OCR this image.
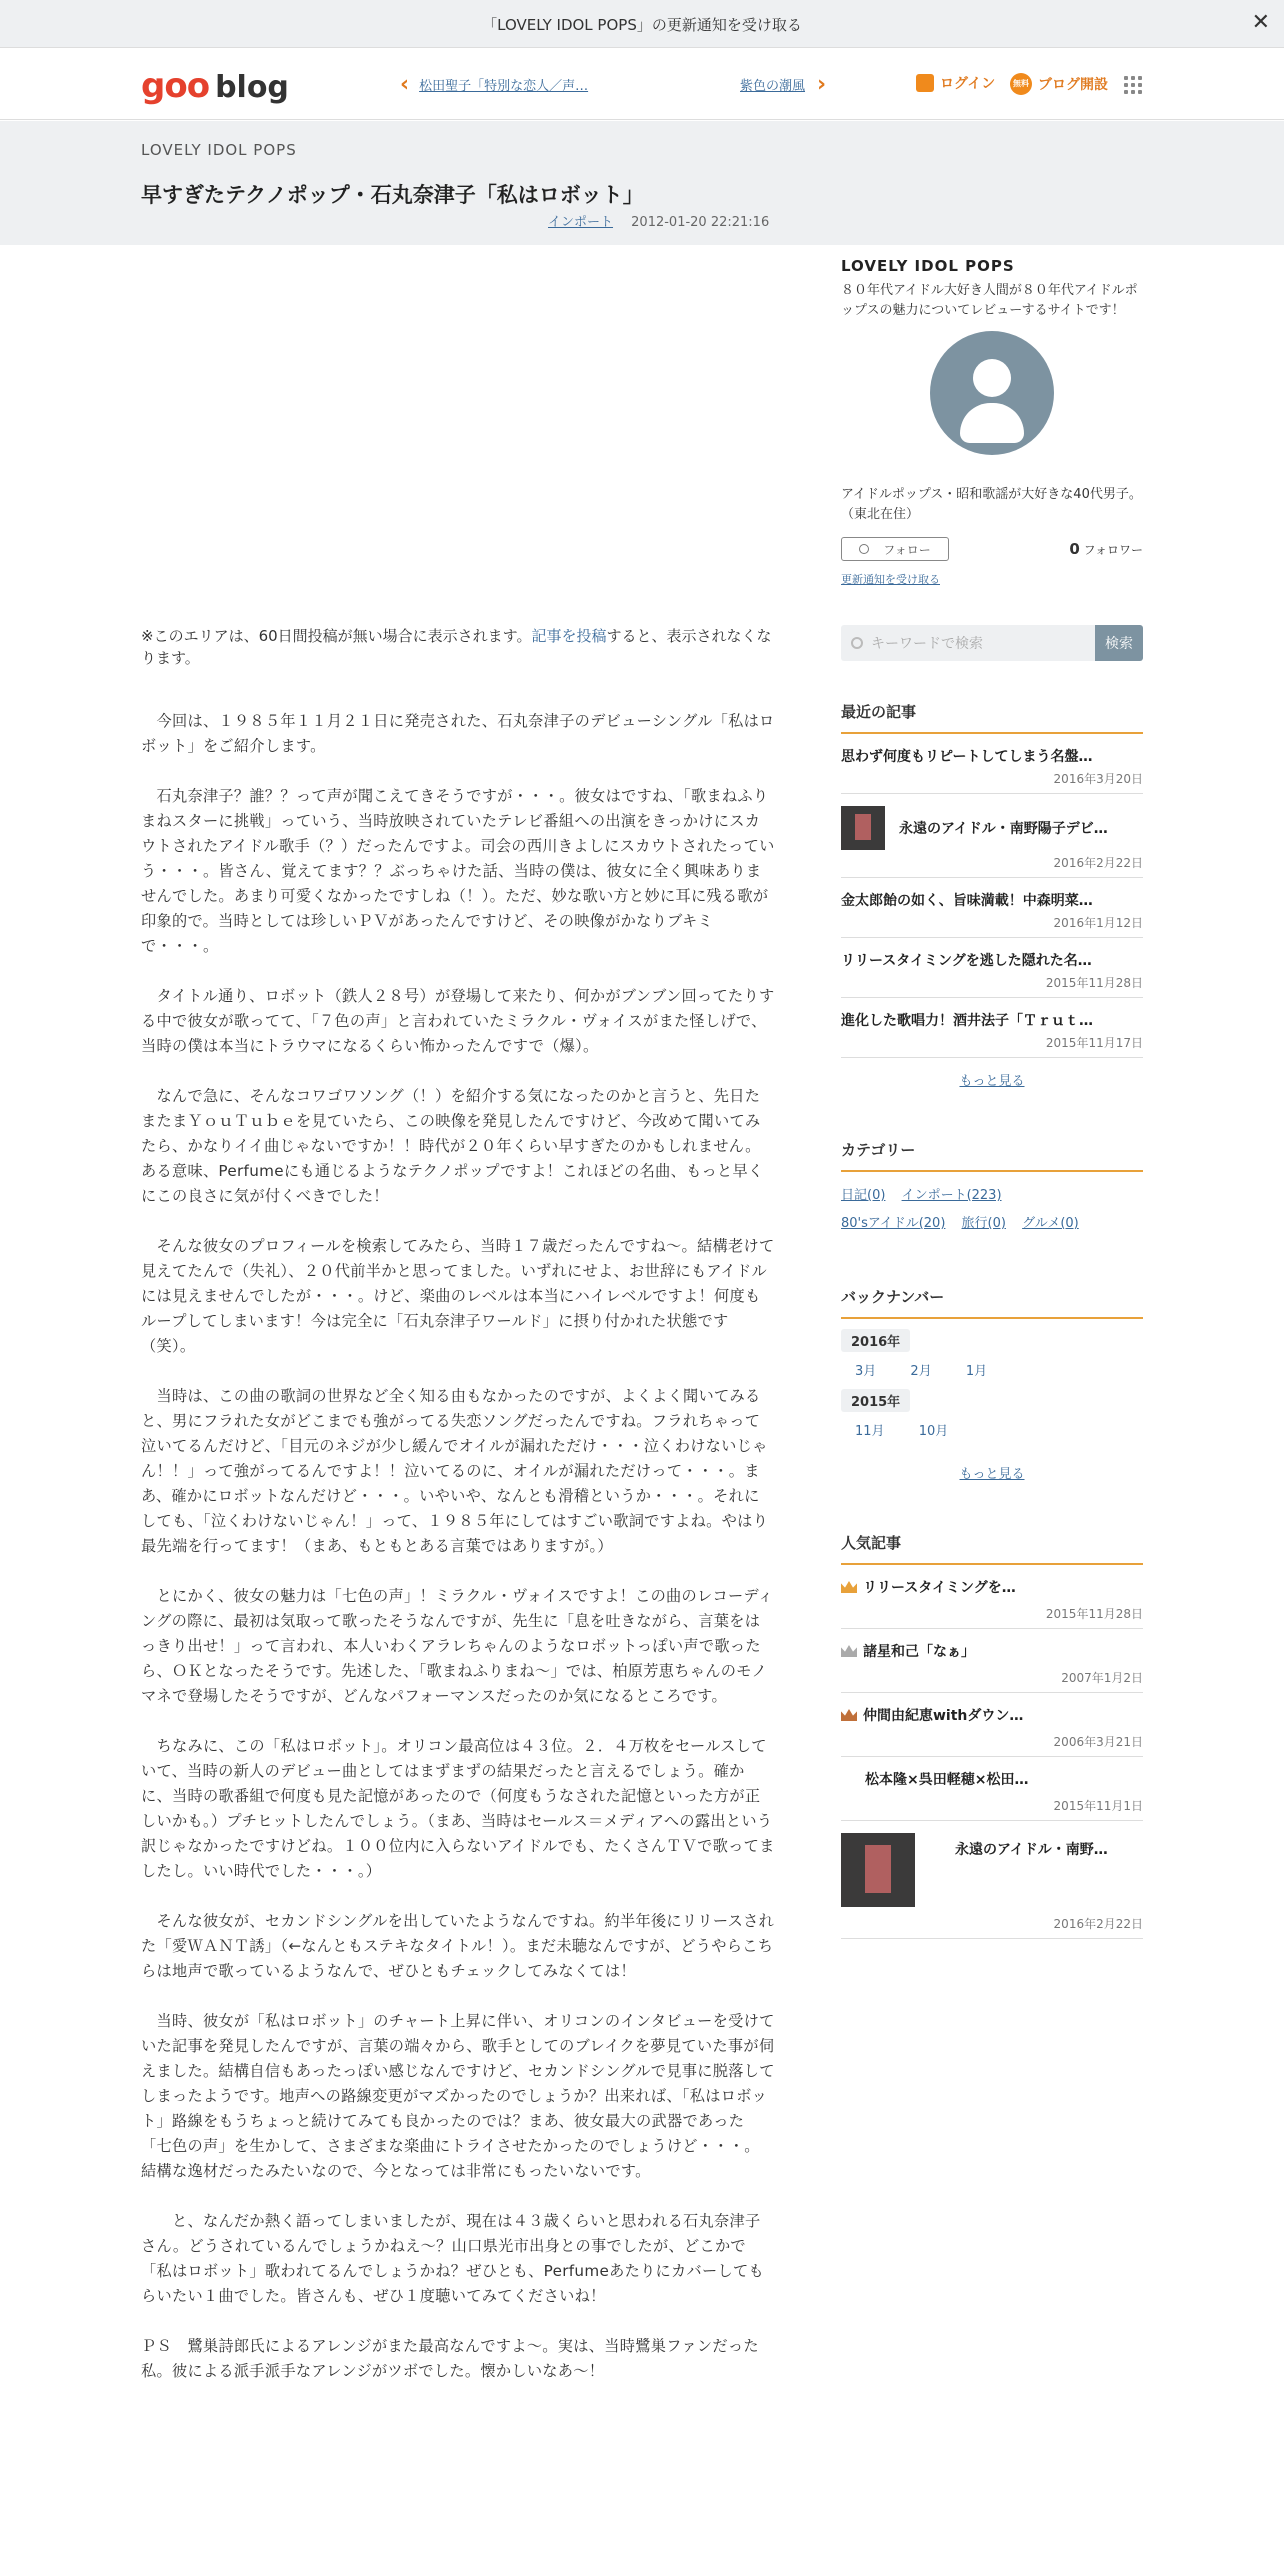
「LOVELY IDOL POPS」の更新通知を受け取る	✕
goo blog	‹ 松田聖子「特別な恋人／声…	紫色の潮風 ›	ログイン	無料 ブログ開設
LOVELY IDOL POPS
早すぎたテクノポップ・石丸奈津子「私はロボット」
インポート 2012-01-20 22:21:16
※このエリアは、60日間投稿が無い場合に表示されます。記事を投稿すると、表示されなくなります。

　今回は、１９８５年１１月２１日に発売された、石丸奈津子のデビューシングル「私はロボット」をご紹介します。

　石丸奈津子？誰？？って声が聞こえてきそうですが・・・。彼女はですね、「歌まねふりまねスターに挑戦」っていう、当時放映されていたテレビ番組への出演をきっかけにスカウトされたアイドル歌手（？）だったんですよ。司会の西川きよしにスカウトされたっていう・・・。皆さん、覚えてます？？ぶっちゃけた話、当時の僕は、彼女に全く興味ありませんでした。あまり可愛くなかったですしね（！）。ただ、妙な歌い方と妙に耳に残る歌が印象的で。当時としては珍しいＰＶがあったんですけど、その映像がかなりブキミで・・・。

　タイトル通り、ロボット（鉄人２８号）が登場して来たり、何かがブンブン回ってたりする中で彼女が歌ってて、「７色の声」と言われていたミラクル・ヴォイスがまた怪しげで、当時の僕は本当にトラウマになるくらい怖かったんですで（爆）。

　なんで急に、そんなコワゴワソング（！）を紹介する気になったのかと言うと、先日たまたまＹｏｕＴｕｂｅを見ていたら、この映像を発見したんですけど、今改めて聞いてみたら、かなりイイ曲じゃないですか！！時代が２０年くらい早すぎたのかもしれません。ある意味、Perfumeにも通じるようなテクノポップですよ！これほどの名曲、もっと早くにこの良さに気が付くべきでした！

　そんな彼女のプロフィールを検索してみたら、当時１７歳だったんですね～。結構老けて見えてたんで（失礼）、２０代前半かと思ってました。いずれにせよ、お世辞にもアイドルには見えませんでしたが・・・。けど、楽曲のレベルは本当にハイレベルですよ！何度もループしてしまいます！今は完全に「石丸奈津子ワールド」に摂り付かれた状態です（笑）。

　当時は、この曲の歌詞の世界など全く知る由もなかったのですが、よくよく聞いてみると、男にフラれた女がどこまでも強がってる失恋ソングだったんですね。フラれちゃって泣いてるんだけど、「目元のネジが少し緩んでオイルが漏れただけ・・・泣くわけないじゃん！！」って強がってるんですよ！！泣いてるのに、オイルが漏れただけって・・・。まあ、確かにロボットなんだけど・・・。いやいや、なんとも滑稽というか・・・。それにしても、「泣くわけないじゃん！」って、１９８５年にしてはすごい歌詞ですよね。やはり最先端を行ってます！（まあ、もともとある言葉ではありますが。）

　とにかく、彼女の魅力は「七色の声」！ミラクル・ヴォイスですよ！この曲のレコーディングの際に、最初は気取って歌ったそうなんですが、先生に「息を吐きながら、言葉をはっきり出せ！」って言われ、本人いわくアラレちゃんのようなロボットっぽい声で歌ったら、ＯＫとなったそうです。先述した、「歌まねふりまね～」では、柏原芳恵ちゃんのモノマネで登場したそうですが、どんなパフォーマンスだったのか気になるところです。

　ちなみに、この「私はロボット」。オリコン最高位は４３位。２．４万枚をセールスしていて、当時の新人のデビュー曲としてはまずまずの結果だったと言えるでしょう。確かに、当時の歌番組で何度も見た記憶があったので（何度もうなされた記憶といった方が正しいかも。）プチヒットしたんでしょう。（まあ、当時はセールス＝メディアへの露出という訳じゃなかったですけどね。１００位内に入らないアイドルでも、たくさんＴＶで歌ってましたし。いい時代でした・・・。）

　そんな彼女が、セカンドシングルを出していたようなんですね。約半年後にリリースされた「愛ＷＡＮＴ誘」（←なんともステキなタイトル！）。まだ未聴なんですが、どうやらこちらは地声で歌っているようなんで、ぜひともチェックしてみなくては！

　当時、彼女が「私はロボット」のチャート上昇に伴い、オリコンのインタビューを受けていた記事を発見したんですが、言葉の端々から、歌手としてのブレイクを夢見ていた事が伺えました。結構自信もあったっぽい感じなんですけど、セカンドシングルで見事に脱落してしまったようです。地声への路線変更がマズかったのでしょうか？出来れば、「私はロボット」路線をもうちょっと続けてみても良かったのでは？まあ、彼女最大の武器であった「七色の声」を生かして、さまざまな楽曲にトライさせたかったのでしょうけど・・・。結構な逸材だったみたいなので、今となっては非常にもったいないです。

　　と、なんだか熱く語ってしまいましたが、現在は４３歳くらいと思われる石丸奈津子さん。どうされているんでしょうかねえ～？山口県光市出身との事でしたが、どこかで「私はロボット」歌われてるんでしょうかね？ぜひとも、Perfumeあたりにカバーしてもらいたい１曲でした。皆さんも、ぜひ１度聴いてみてくださいね！

ＰＳ　鷺巣詩郎氏によるアレンジがまた最高なんですよ～。実は、当時鷺巣ファンだった私。彼による派手派手なアレンジがツボでした。懐かしいなあ～！

LOVELY IDOL POPS
８０年代アイドル大好き人間が８０年代アイドルポップスの魅力についてレビューするサイトです！
アイドルポップス・昭和歌謡が大好きな40代男子。（東北在住）
フォロー	0 フォロワー
更新通知を受け取る
キーワードで検索	検索
最近の記事
思わず何度もリピートしてしまう名盤…
2016年3月20日
永遠のアイドル・南野陽子デビ…
2016年2月22日
金太郎飴の如く、旨味満載！中森明菜…
2016年1月12日
リリースタイミングを逃した隠れた名…
2015年11月28日
進化した歌唱力！酒井法子「Ｔｒｕｔ…
2015年11月17日
もっと見る
カテゴリー
日記(0) インポート(223)
80'sアイドル(20) 旅行(0) グルメ(0)
バックナンバー
2016年
3月	2月	1月
2015年
11月	10月
もっと見る
人気記事
リリースタイミングを…
2015年11月28日
諸星和己「なぁ」
2007年1月2日
仲間由紀恵withダウン…
2006年3月21日
松本隆×呉田軽穂×松田…
2015年11月1日
永遠のアイドル・南野…
2016年2月22日
